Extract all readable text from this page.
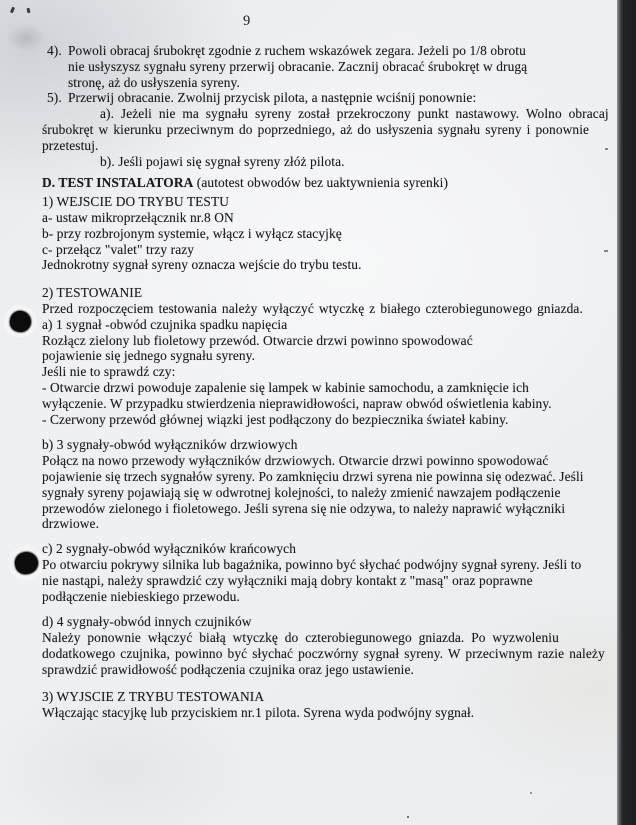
9
4). Powoli obracaj śrubokręt zgodnie z ruchem wskazówek zegara. Jeżeli po 1/8 obrotu
nie usłyszysz sygnału syreny przerwij obracanie. Zacznij obracać śrubokręt w drugą
stronę, aż do usłyszenia syreny.
5). Przerwij obracanie. Zwolnij przycisk pilota, a następnie wciśnij ponownie:
a). Jeżeli nie ma sygnału syreny został przekroczony punkt nastawowy. Wolno obracaj
śrubokręt w kierunku przeciwnym do poprzedniego, aż do usłyszenia sygnału syreny i ponownie
przetestuj.
b). Jeśli pojawi się sygnał syreny złóż pilota.
D. TEST INSTALATORA (autotest obwodów bez uaktywnienia syrenki)
1) WEJSCIE DO TRYBU TESTU
a- ustaw mikroprzełącznik nr.8 ON
b- przy rozbrojonym systemie, włącz i wyłącz stacyjkę
c- przełącz "valet" trzy razy
Jednokrotny sygnał syreny oznacza wejście do trybu testu.
2) TESTOWANIE
Przed rozpoczęciem testowania należy wyłączyć wtyczkę z białego czterobiegunowego gniazda.
a) 1 sygnał -obwód czujnika spadku napięcia
Rozłącz zielony lub fioletowy przewód. Otwarcie drzwi powinno spowodować
pojawienie się jednego sygnału syreny.
Jeśli nie to sprawdź czy:
- Otwarcie drzwi powoduje zapalenie się lampek w kabinie samochodu, a zamknięcie ich
wyłączenie. W przypadku stwierdzenia nieprawidłowości, napraw obwód oświetlenia kabiny.
- Czerwony przewód głównej wiązki jest podłączony do bezpiecznika świateł kabiny.
b) 3 sygnały-obwód wyłączników drzwiowych
Połącz na nowo przewody wyłączników drzwiowych. Otwarcie drzwi powinno spowodować
pojawienie się trzech sygnałów syreny. Po zamknięciu drzwi syrena nie powinna się odezwać. Jeśli
sygnały syreny pojawiają się w odwrotnej kolejności, to należy zmienić nawzajem podłączenie
przewodów zielonego i fioletowego. Jeśli syrena się nie odzywa, to należy naprawić wyłączniki
drzwiowe.
c) 2 sygnały-obwód wyłączników krańcowych
Po otwarciu pokrywy silnika lub bagażnika, powinno być słychać podwójny sygnał syreny. Jeśli to
nie nastąpi, należy sprawdzić czy wyłączniki mają dobry kontakt z "masą" oraz poprawne
podłączenie niebieskiego przewodu.
d) 4 sygnały-obwód innych czujników
Należy ponownie włączyć białą wtyczkę do czterobiegunowego gniazda. Po wyzwoleniu
dodatkowego czujnika, powinno być słychać poczwórny sygnał syreny. W przeciwnym razie należy
sprawdzić prawidłowość podłączenia czujnika oraz jego ustawienie.
3) WYJSCIE Z TRYBU TESTOWANIA
Włączając stacyjkę lub przyciskiem nr.1 pilota. Syrena wyda podwójny sygnał.
